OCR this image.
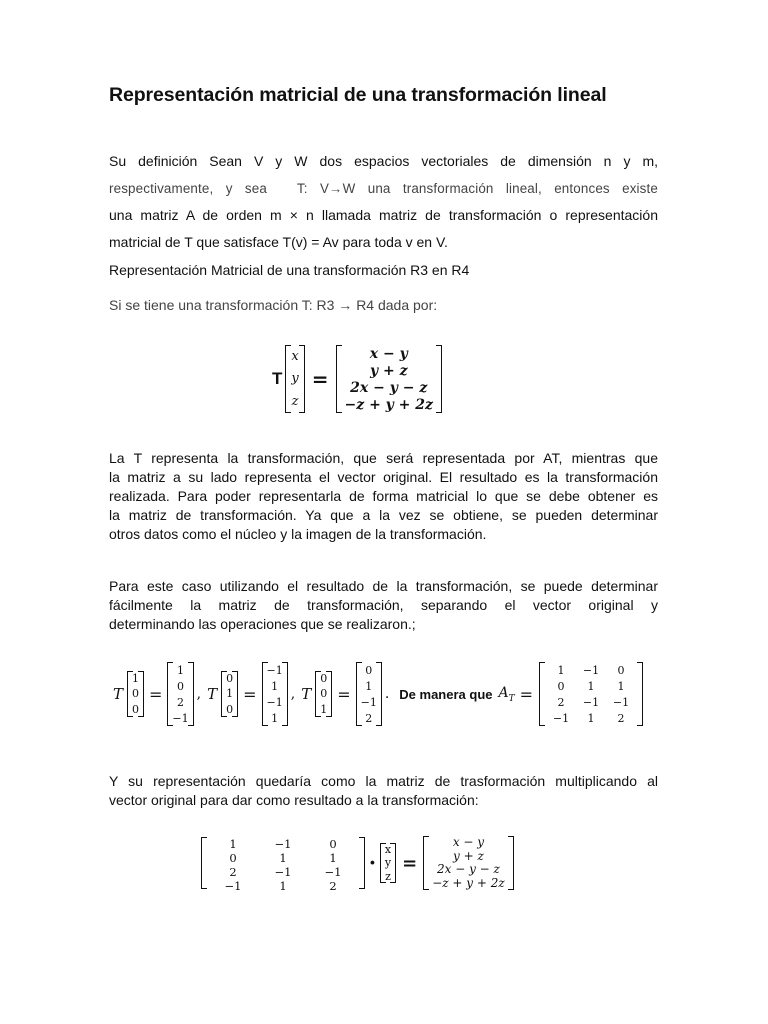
Representación matricial de una transformación lineal
Su definición Sean V y W dos espacios vectoriales de dimensión n y m,
respectivamente, y sea T: V→W una transformación lineal, entonces existe
una matriz A de orden m × n llamada matriz de transformación o representación
matricial de T que satisface T(v) = Av para toda v en V.

Representación Matricial de una transformación R3 en R4

Si se tiene una transformación T: R3 → R4 dada por:

T
x
y
z
=
x − y
y + z
2x − y − z
−z + y + 2z
La T representa la transformación, que será representada por AT, mientras que
la matriz a su lado representa el vector original. El resultado es la transformación
realizada. Para poder representarla de forma matricial lo que se debe obtener es
la matriz de transformación. Ya que a la vez se obtiene, se pueden determinar
otros datos como el núcleo y la imagen de la transformación.
Para este caso utilizando el resultado de la transformación, se puede determinar
fácilmente la matriz de transformación, separando el vector original y
determinando las operaciones que se realizaron.;
T
1
0
0
=
1
0
2
−1
, T
0
1
0
=
−1
1
−1
1
, T
0
0
1
=
0
1
−1
2
. De manera que $A_T$ =
1	−1	0
0	1	1
2	−1	−1
−1	1	2
Y su representación quedaría como la matriz de trasformación multiplicando al
vector original para dar como resultado a la transformación:
1	−1	0
0	1	1
2	−1	−1
−1	1	2
∙
x
y
z
=
x − y
y + z
2x − y − z
−z + y + 2z
